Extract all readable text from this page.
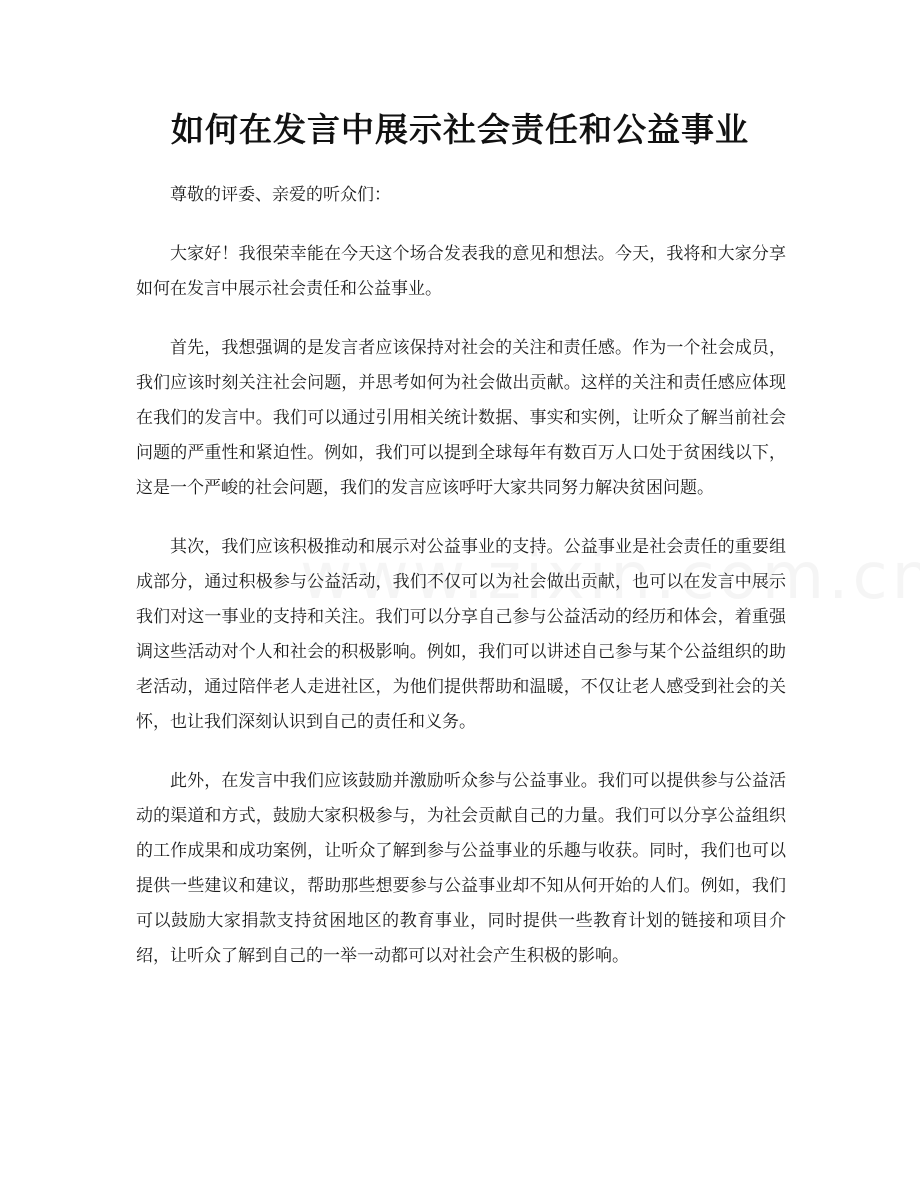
如何在发言中展示社会责任和公益事业

尊敬的评委、亲爱的听众们：

大家好！我很荣幸能在今天这个场合发表我的意见和想法。今天，我将和大家分享如何在发言中展示社会责任和公益事业。

首先，我想强调的是发言者应该保持对社会的关注和责任感。作为一个社会成员，我们应该时刻关注社会问题，并思考如何为社会做出贡献。这样的关注和责任感应体现在我们的发言中。我们可以通过引用相关统计数据、事实和实例，让听众了解当前社会问题的严重性和紧迫性。例如，我们可以提到全球每年有数百万人口处于贫困线以下，这是一个严峻的社会问题，我们的发言应该呼吁大家共同努力解决贫困问题。

其次，我们应该积极推动和展示对公益事业的支持。公益事业是社会责任的重要组成部分，通过积极参与公益活动，我们不仅可以为社会做出贡献，也可以在发言中展示我们对这一事业的支持和关注。我们可以分享自己参与公益活动的经历和体会，着重强调这些活动对个人和社会的积极影响。例如，我们可以讲述自己参与某个公益组织的助老活动，通过陪伴老人走进社区，为他们提供帮助和温暖，不仅让老人感受到社会的关怀，也让我们深刻认识到自己的责任和义务。

此外，在发言中我们应该鼓励并激励听众参与公益事业。我们可以提供参与公益活动的渠道和方式，鼓励大家积极参与，为社会贡献自己的力量。我们可以分享公益组织的工作成果和成功案例，让听众了解到参与公益事业的乐趣与收获。同时，我们也可以提供一些建议和建议，帮助那些想要参与公益事业却不知从何开始的人们。例如，我们可以鼓励大家捐款支持贫困地区的教育事业，同时提供一些教育计划的链接和项目介绍，让听众了解到自己的一举一动都可以对社会产生积极的影响。
